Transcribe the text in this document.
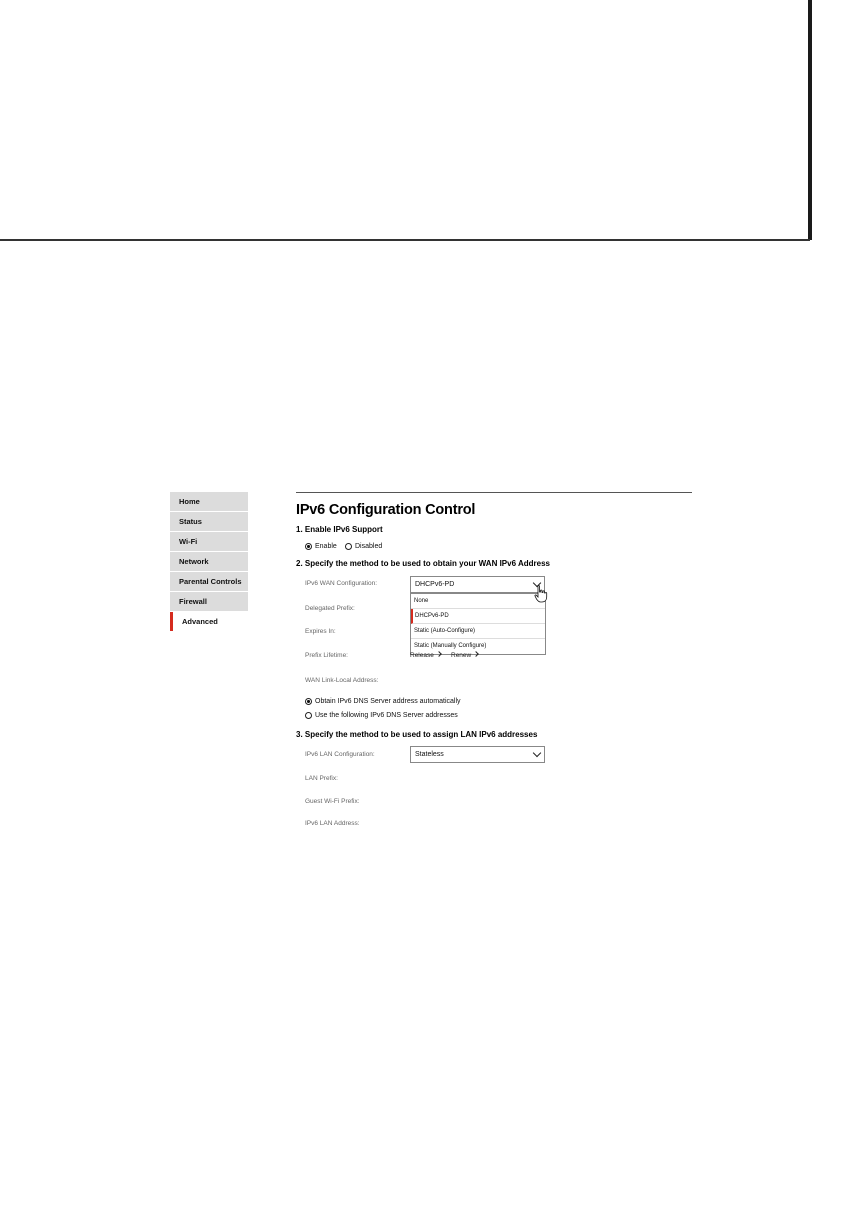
Home
Status
Wi-Fi
Network
Parental Controls
Firewall
Advanced
IPv6 Configuration Control
1. Enable IPv6 Support
Enable	Disabled
2. Specify the method to be used to obtain your WAN IPv6 Address
IPv6 WAN Configuration:	DHCPv6-PD
None
DHCPv6-PD
Static (Auto-Configure)
Static (Manually Configure)
Delegated Prefix:
Expires In:
Prefix Lifetime:	Release	Renew
WAN Link-Local Address:
Obtain IPv6 DNS Server address automatically
Use the following IPv6 DNS Server addresses
3. Specify the method to be used to assign LAN IPv6 addresses
IPv6 LAN Configuration:	Stateless
LAN Prefix:
Guest Wi-Fi Prefix:
IPv6 LAN Address:
